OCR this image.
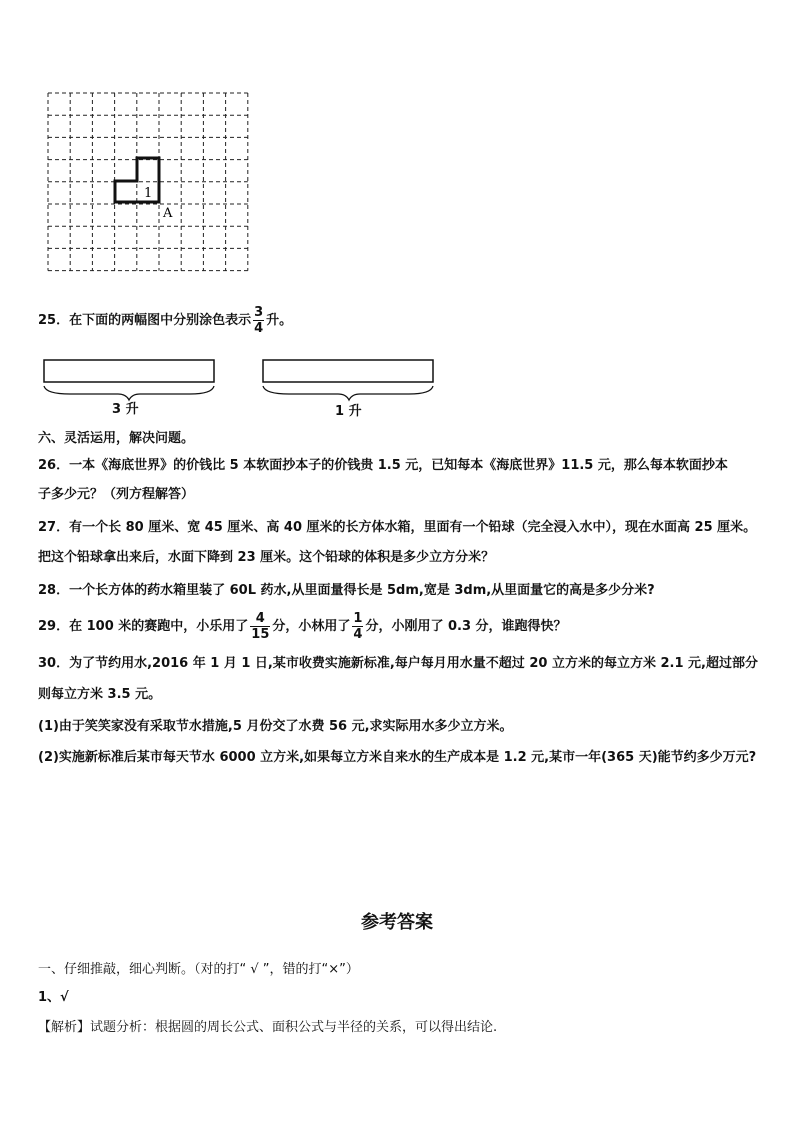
1
A
25．在下面的两幅图中分别涂色表示 $\frac{3}{4}$ 升。
3 升	1 升
六、灵活运用，解决问题。
26．一本《海底世界》的价钱比 5 本软面抄本子的价钱贵 1.5 元，已知每本《海底世界》11.5 元，那么每本软面抄本
子多少元？（列方程解答）
27．有一个长 80 厘米、宽 45 厘米、高 40 厘米的长方体水箱，里面有一个铅球（完全浸入水中），现在水面高 25 厘米。
把这个铅球拿出来后，水面下降到 23 厘米。这个铅球的体积是多少立方分米？
28．一个长方体的药水箱里装了 60L 药水,从里面量得长是 5dm,宽是 3dm,从里面量它的高是多少分米?
29．在 100 米的赛跑中，小乐用了 $\frac{4}{15}$ 分，小林用了 $\frac{1}{4}$ 分，小刚用了 0.3 分，谁跑得快？
30．为了节约用水,2016 年 1 月 1 日,某市收费实施新标准,每户每月用水量不超过 20 立方米的每立方米 2.1 元,超过部分
则每立方米 3.5 元。
(1)由于笑笑家没有采取节水措施,5 月份交了水费 56 元,求实际用水多少立方米。
(2)实施新标准后某市每天节水 6000 立方米,如果每立方米自来水的生产成本是 1.2 元,某市一年(365 天)能节约多少万元?
参考答案
一、仔细推敲，细心判断。（对的打“ √ ”，错的打“×”）
1、√
【解析】试题分析：根据圆的周长公式、面积公式与半径的关系，可以得出结论.
